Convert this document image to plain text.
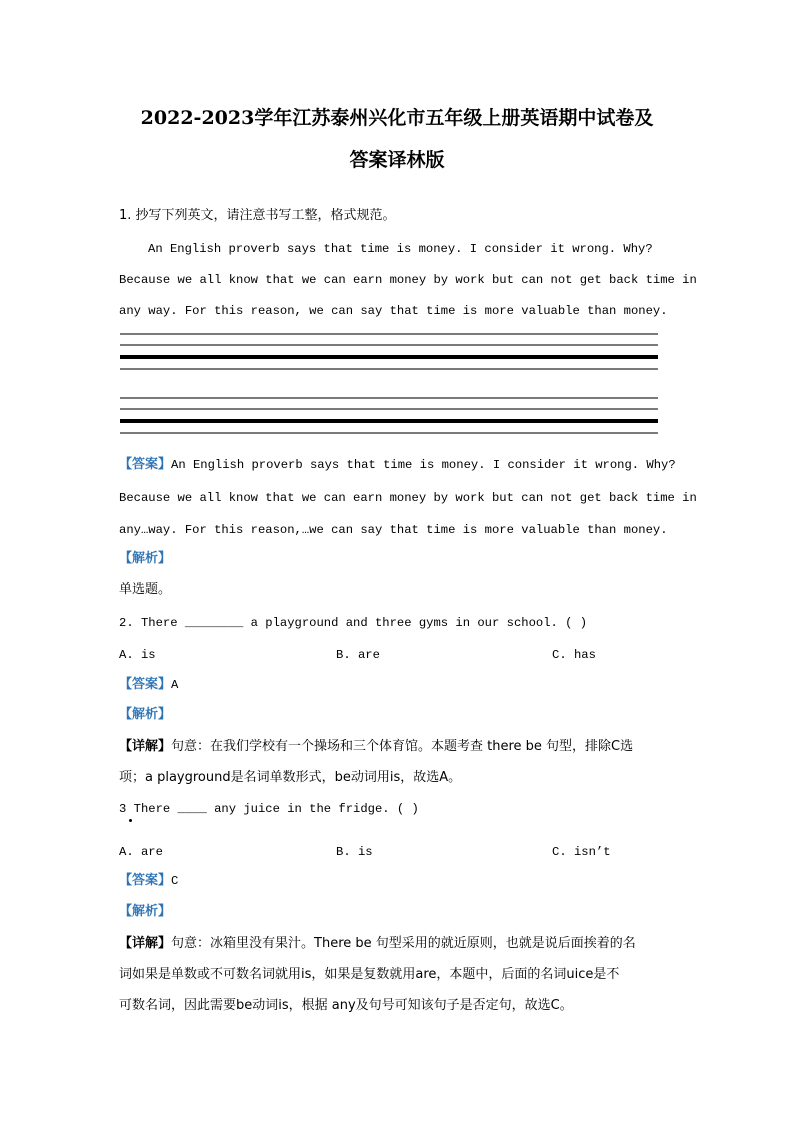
2022-2023学年江苏泰州兴化市五年级上册英语期中试卷及
答案译林版
1. 抄写下列英文，请注意书写工整，格式规范。
An English proverb says that time is money. I consider it wrong. Why?
Because we all know that we can earn money by work but can not get back time in
any way. For this reason, we can say that time is more valuable than money.
【答案】An English proverb says that time is money. I consider it wrong. Why?
Because we all know that we can earn money by work but can not get back time in
any…way. For this reason,…we can say that time is more valuable than money.
【解析】
单选题。
2. There ________ a playground and three gyms in our school. ( )
A. is	B. are	C. has
【答案】A
【解析】
【详解】句意：在我们学校有一个操场和三个体育馆。本题考查 there be 句型，排除C选
项；a playground是名词单数形式，be动词用is，故选A。
3 There ____ any juice in the fridge. ( )
A. are	B. is	C. isn’t
【答案】C
【解析】
【详解】句意：冰箱里没有果汁。There be 句型采用的就近原则，也就是说后面挨着的名
词如果是单数或不可数名词就用is，如果是复数就用are，本题中，后面的名词uice是不
可数名词，因此需要be动词is，根据 any及句号可知该句子是否定句，故选C。
